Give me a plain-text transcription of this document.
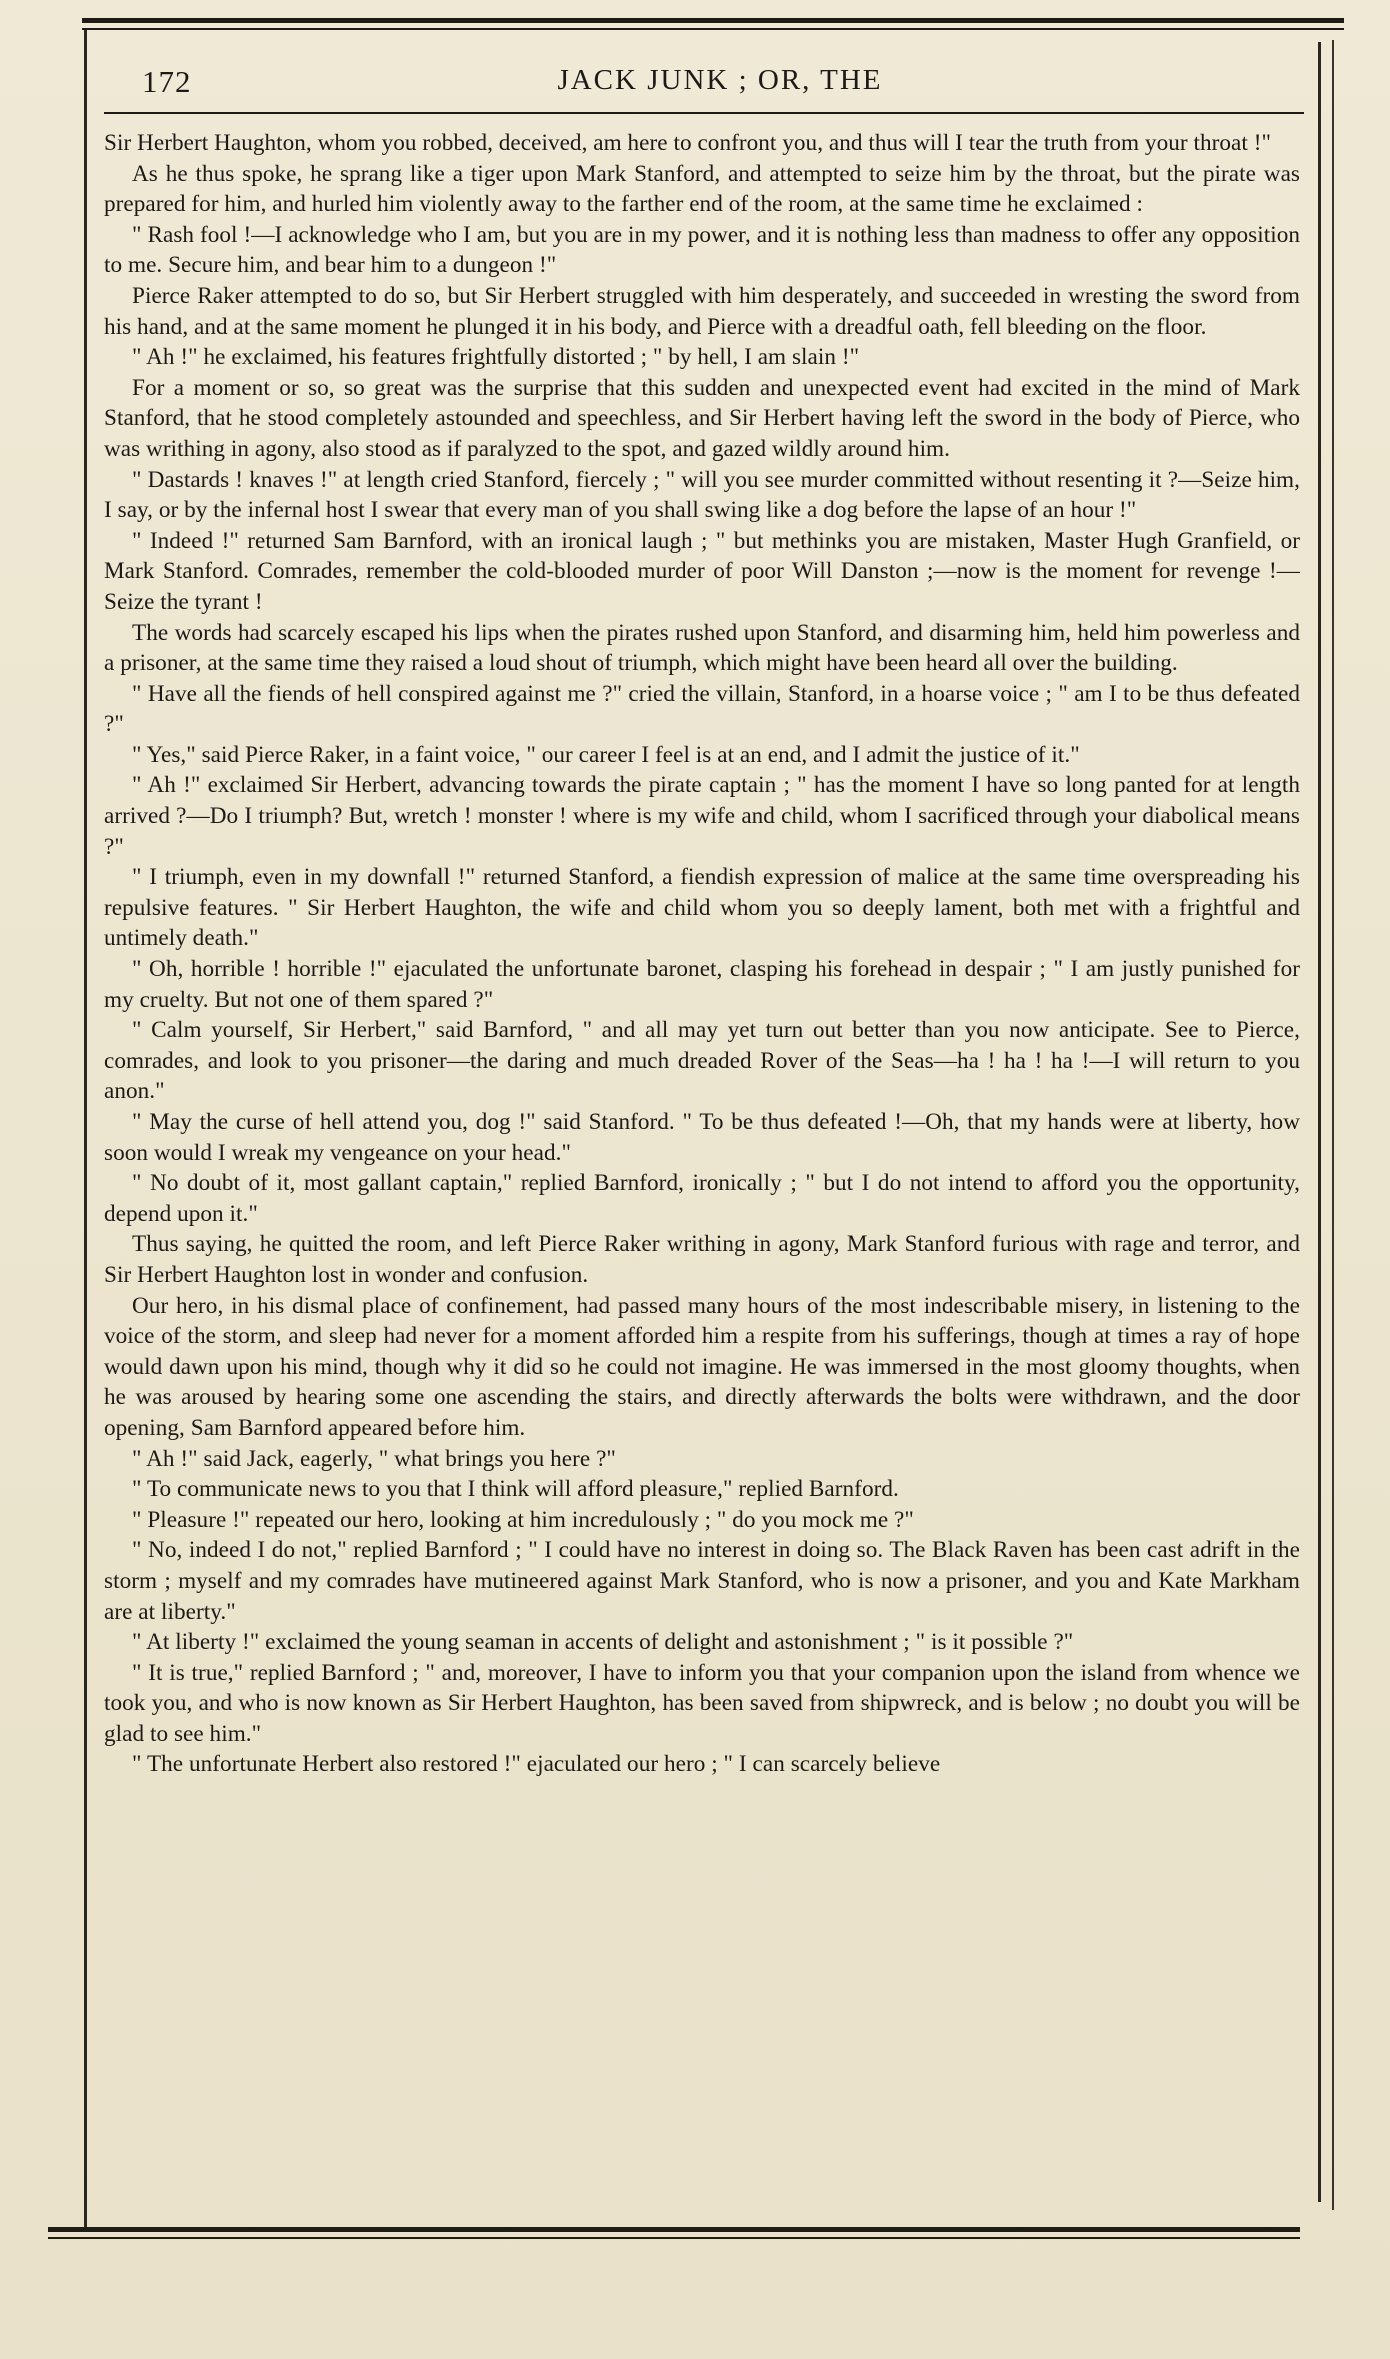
172	JACK JUNK ; OR, THE

Sir Herbert Haughton, whom you robbed, deceived, am here to confront you, and thus will I tear the truth from your throat !"

As he thus spoke, he sprang like a tiger upon Mark Stanford, and attempted to seize him by the throat, but the pirate was prepared for him, and hurled him violently away to the farther end of the room, at the same time he exclaimed :

" Rash fool !—I acknowledge who I am, but you are in my power, and it is nothing less than madness to offer any opposition to me. Secure him, and bear him to a dungeon !"

Pierce Raker attempted to do so, but Sir Herbert struggled with him desperately, and succeeded in wresting the sword from his hand, and at the same moment he plunged it in his body, and Pierce with a dreadful oath, fell bleeding on the floor.

" Ah !" he exclaimed, his features frightfully distorted ; " by hell, I am slain !"

For a moment or so, so great was the surprise that this sudden and unexpected event had excited in the mind of Mark Stanford, that he stood completely astounded and speechless, and Sir Herbert having left the sword in the body of Pierce, who was writhing in agony, also stood as if paralyzed to the spot, and gazed wildly around him.

" Dastards ! knaves !" at length cried Stanford, fiercely ; " will you see murder committed without resenting it ?—Seize him, I say, or by the infernal host I swear that every man of you shall swing like a dog before the lapse of an hour !"

" Indeed !" returned Sam Barnford, with an ironical laugh ; " but methinks you are mistaken, Master Hugh Granfield, or Mark Stanford. Comrades, remember the cold-blooded murder of poor Will Danston ;—now is the moment for revenge !—Seize the tyrant !

The words had scarcely escaped his lips when the pirates rushed upon Stanford, and disarming him, held him powerless and a prisoner, at the same time they raised a loud shout of triumph, which might have been heard all over the building.

" Have all the fiends of hell conspired against me ?" cried the villain, Stanford, in a hoarse voice ; " am I to be thus defeated ?"

" Yes," said Pierce Raker, in a faint voice, " our career I feel is at an end, and I admit the justice of it."

" Ah !" exclaimed Sir Herbert, advancing towards the pirate captain ; " has the moment I have so long panted for at length arrived ?—Do I triumph? But, wretch ! monster ! where is my wife and child, whom I sacrificed through your diabolical means ?"

" I triumph, even in my downfall !" returned Stanford, a fiendish expression of malice at the same time overspreading his repulsive features. " Sir Herbert Haughton, the wife and child whom you so deeply lament, both met with a frightful and untimely death."

" Oh, horrible ! horrible !" ejaculated the unfortunate baronet, clasping his forehead in despair ; " I am justly punished for my cruelty. But not one of them spared ?"

" Calm yourself, Sir Herbert," said Barnford, " and all may yet turn out better than you now anticipate. See to Pierce, comrades, and look to you prisoner—the daring and much dreaded Rover of the Seas—ha ! ha ! ha !—I will return to you anon."

" May the curse of hell attend you, dog !" said Stanford. " To be thus defeated !—Oh, that my hands were at liberty, how soon would I wreak my vengeance on your head."

" No doubt of it, most gallant captain," replied Barnford, ironically ; " but I do not intend to afford you the opportunity, depend upon it."

Thus saying, he quitted the room, and left Pierce Raker writhing in agony, Mark Stanford furious with rage and terror, and Sir Herbert Haughton lost in wonder and confusion.

Our hero, in his dismal place of confinement, had passed many hours of the most indescribable misery, in listening to the voice of the storm, and sleep had never for a moment afforded him a respite from his sufferings, though at times a ray of hope would dawn upon his mind, though why it did so he could not imagine. He was immersed in the most gloomy thoughts, when he was aroused by hearing some one ascending the stairs, and directly afterwards the bolts were withdrawn, and the door opening, Sam Barnford appeared before him.

" Ah !" said Jack, eagerly, " what brings you here ?"

" To communicate news to you that I think will afford pleasure," replied Barnford.

" Pleasure !" repeated our hero, looking at him incredulously ; " do you mock me ?"

" No, indeed I do not," replied Barnford ; " I could have no interest in doing so. The Black Raven has been cast adrift in the storm ; myself and my comrades have mutineered against Mark Stanford, who is now a prisoner, and you and Kate Markham are at liberty."

" At liberty !" exclaimed the young seaman in accents of delight and astonishment ; " is it possible ?"

" It is true," replied Barnford ; " and, moreover, I have to inform you that your companion upon the island from whence we took you, and who is now known as Sir Herbert Haughton, has been saved from shipwreck, and is below ; no doubt you will be glad to see him."

" The unfortunate Herbert also restored !" ejaculated our hero ; " I can scarcely believe
